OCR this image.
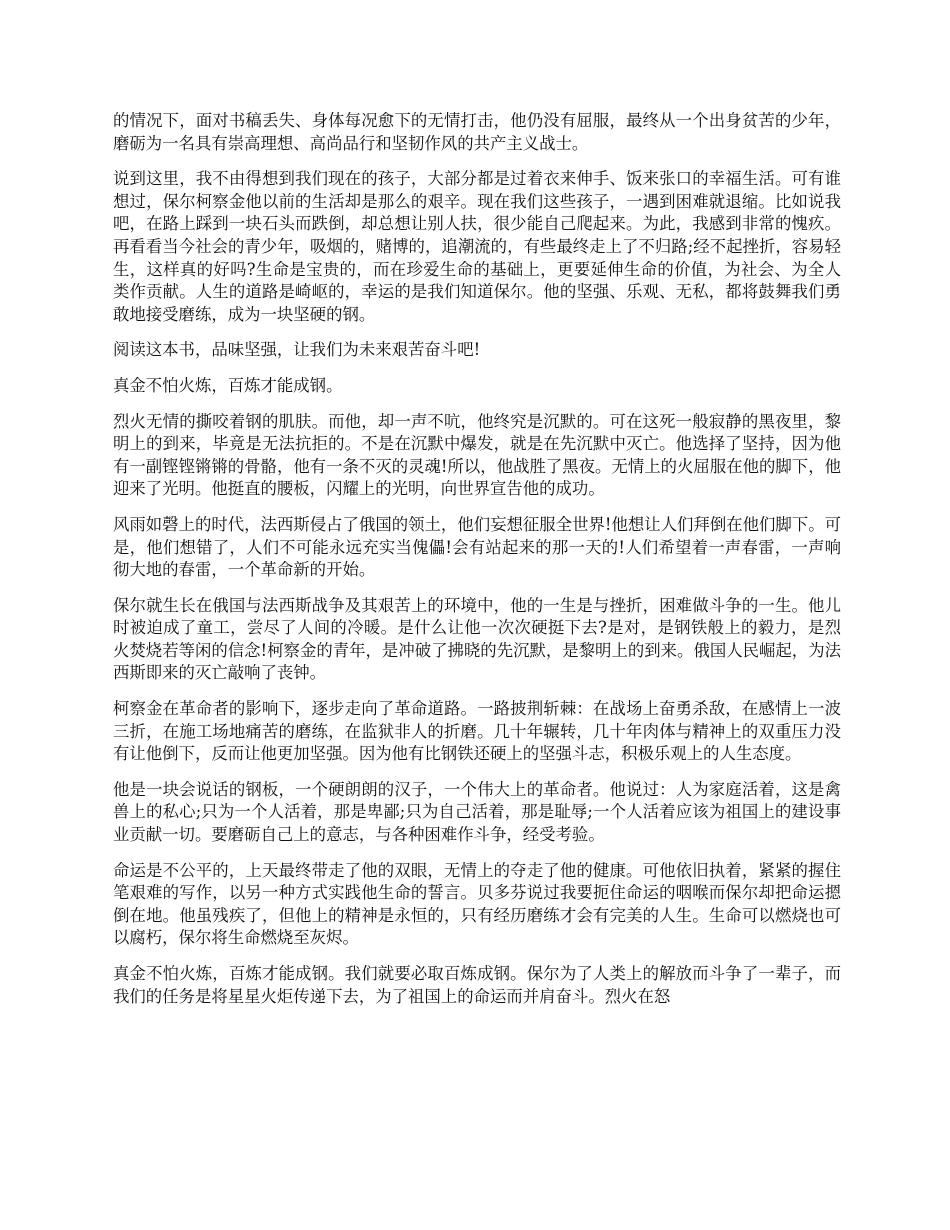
的情况下，面对书稿丢失、身体每况愈下的无情打击，他仍没有屈服，最终从一个出身贫苦的少年，磨砺为一名具有崇高理想、高尚品行和坚韧作风的共产主义战士。

说到这里，我不由得想到我们现在的孩子，大部分都是过着衣来伸手、饭来张口的幸福生活。可有谁想过，保尔柯察金他以前的生活却是那么的艰辛。现在我们这些孩子，一遇到困难就退缩。比如说我吧，在路上踩到一块石头而跌倒，却总想让别人扶，很少能自己爬起来。为此，我感到非常的愧疚。再看看当今社会的青少年，吸烟的，赌博的，追潮流的，有些最终走上了不归路;经不起挫折，容易轻生，这样真的好吗?生命是宝贵的，而在珍爱生命的基础上，更要延伸生命的价值，为社会、为全人类作贡献。人生的道路是崎岖的，幸运的是我们知道保尔。他的坚强、乐观、无私，都将鼓舞我们勇敢地接受磨练，成为一块坚硬的钢。

阅读这本书，品味坚强，让我们为未来艰苦奋斗吧!

真金不怕火炼，百炼才能成钢。

烈火无情的撕咬着钢的肌肤。而他，却一声不吭，他终究是沉默的。可在这死一般寂静的黑夜里，黎明上的到来，毕竟是无法抗拒的。不是在沉默中爆发，就是在先沉默中灭亡。他选择了坚持，因为他有一副铿铿锵锵的骨骼，他有一条不灭的灵魂!所以，他战胜了黑夜。无情上的火屈服在他的脚下，他迎来了光明。他挺直的腰板，闪耀上的光明，向世界宣告他的成功。

风雨如磬上的时代，法西斯侵占了俄国的领土，他们妄想征服全世界!他想让人们拜倒在他们脚下。可是，他们想错了，人们不可能永远充实当傀儡!会有站起来的那一天的!人们希望着一声春雷，一声响彻大地的春雷，一个革命新的开始。

保尔就生长在俄国与法西斯战争及其艰苦上的环境中，他的一生是与挫折，困难做斗争的一生。他儿时被迫成了童工，尝尽了人间的冷暖。是什么让他一次次硬挺下去?是对，是钢铁般上的毅力，是烈火焚烧若等闲的信念!柯察金的青年，是冲破了拂晓的先沉默，是黎明上的到来。俄国人民崛起，为法西斯即来的灭亡敲响了丧钟。

柯察金在革命者的影响下，逐步走向了革命道路。一路披荆斩棘：在战场上奋勇杀敌，在感情上一波三折，在施工场地痛苦的磨练，在监狱非人的折磨。几十年辗转，几十年肉体与精神上的双重压力没有让他倒下，反而让他更加坚强。因为他有比钢铁还硬上的坚强斗志，积极乐观上的人生态度。

他是一块会说话的钢板，一个硬朗朗的汉子，一个伟大上的革命者。他说过：人为家庭活着，这是禽兽上的私心;只为一个人活着，那是卑鄙;只为自己活着，那是耻辱;一个人活着应该为祖国上的建设事业贡献一切。要磨砺自己上的意志，与各种困难作斗争，经受考验。

命运是不公平的，上天最终带走了他的双眼，无情上的夺走了他的健康。可他依旧执着，紧紧的握住笔艰难的写作，以另一种方式实践他生命的誓言。贝多芬说过我要扼住命运的咽喉而保尔却把命运摁倒在地。他虽残疾了，但他上的精神是永恒的，只有经历磨练才会有完美的人生。生命可以燃烧也可以腐朽，保尔将生命燃烧至灰烬。

真金不怕火炼，百炼才能成钢。我们就要必取百炼成钢。保尔为了人类上的解放而斗争了一辈子，而我们的任务是将星星火炬传递下去，为了祖国上的命运而并肩奋斗。烈火在怒
